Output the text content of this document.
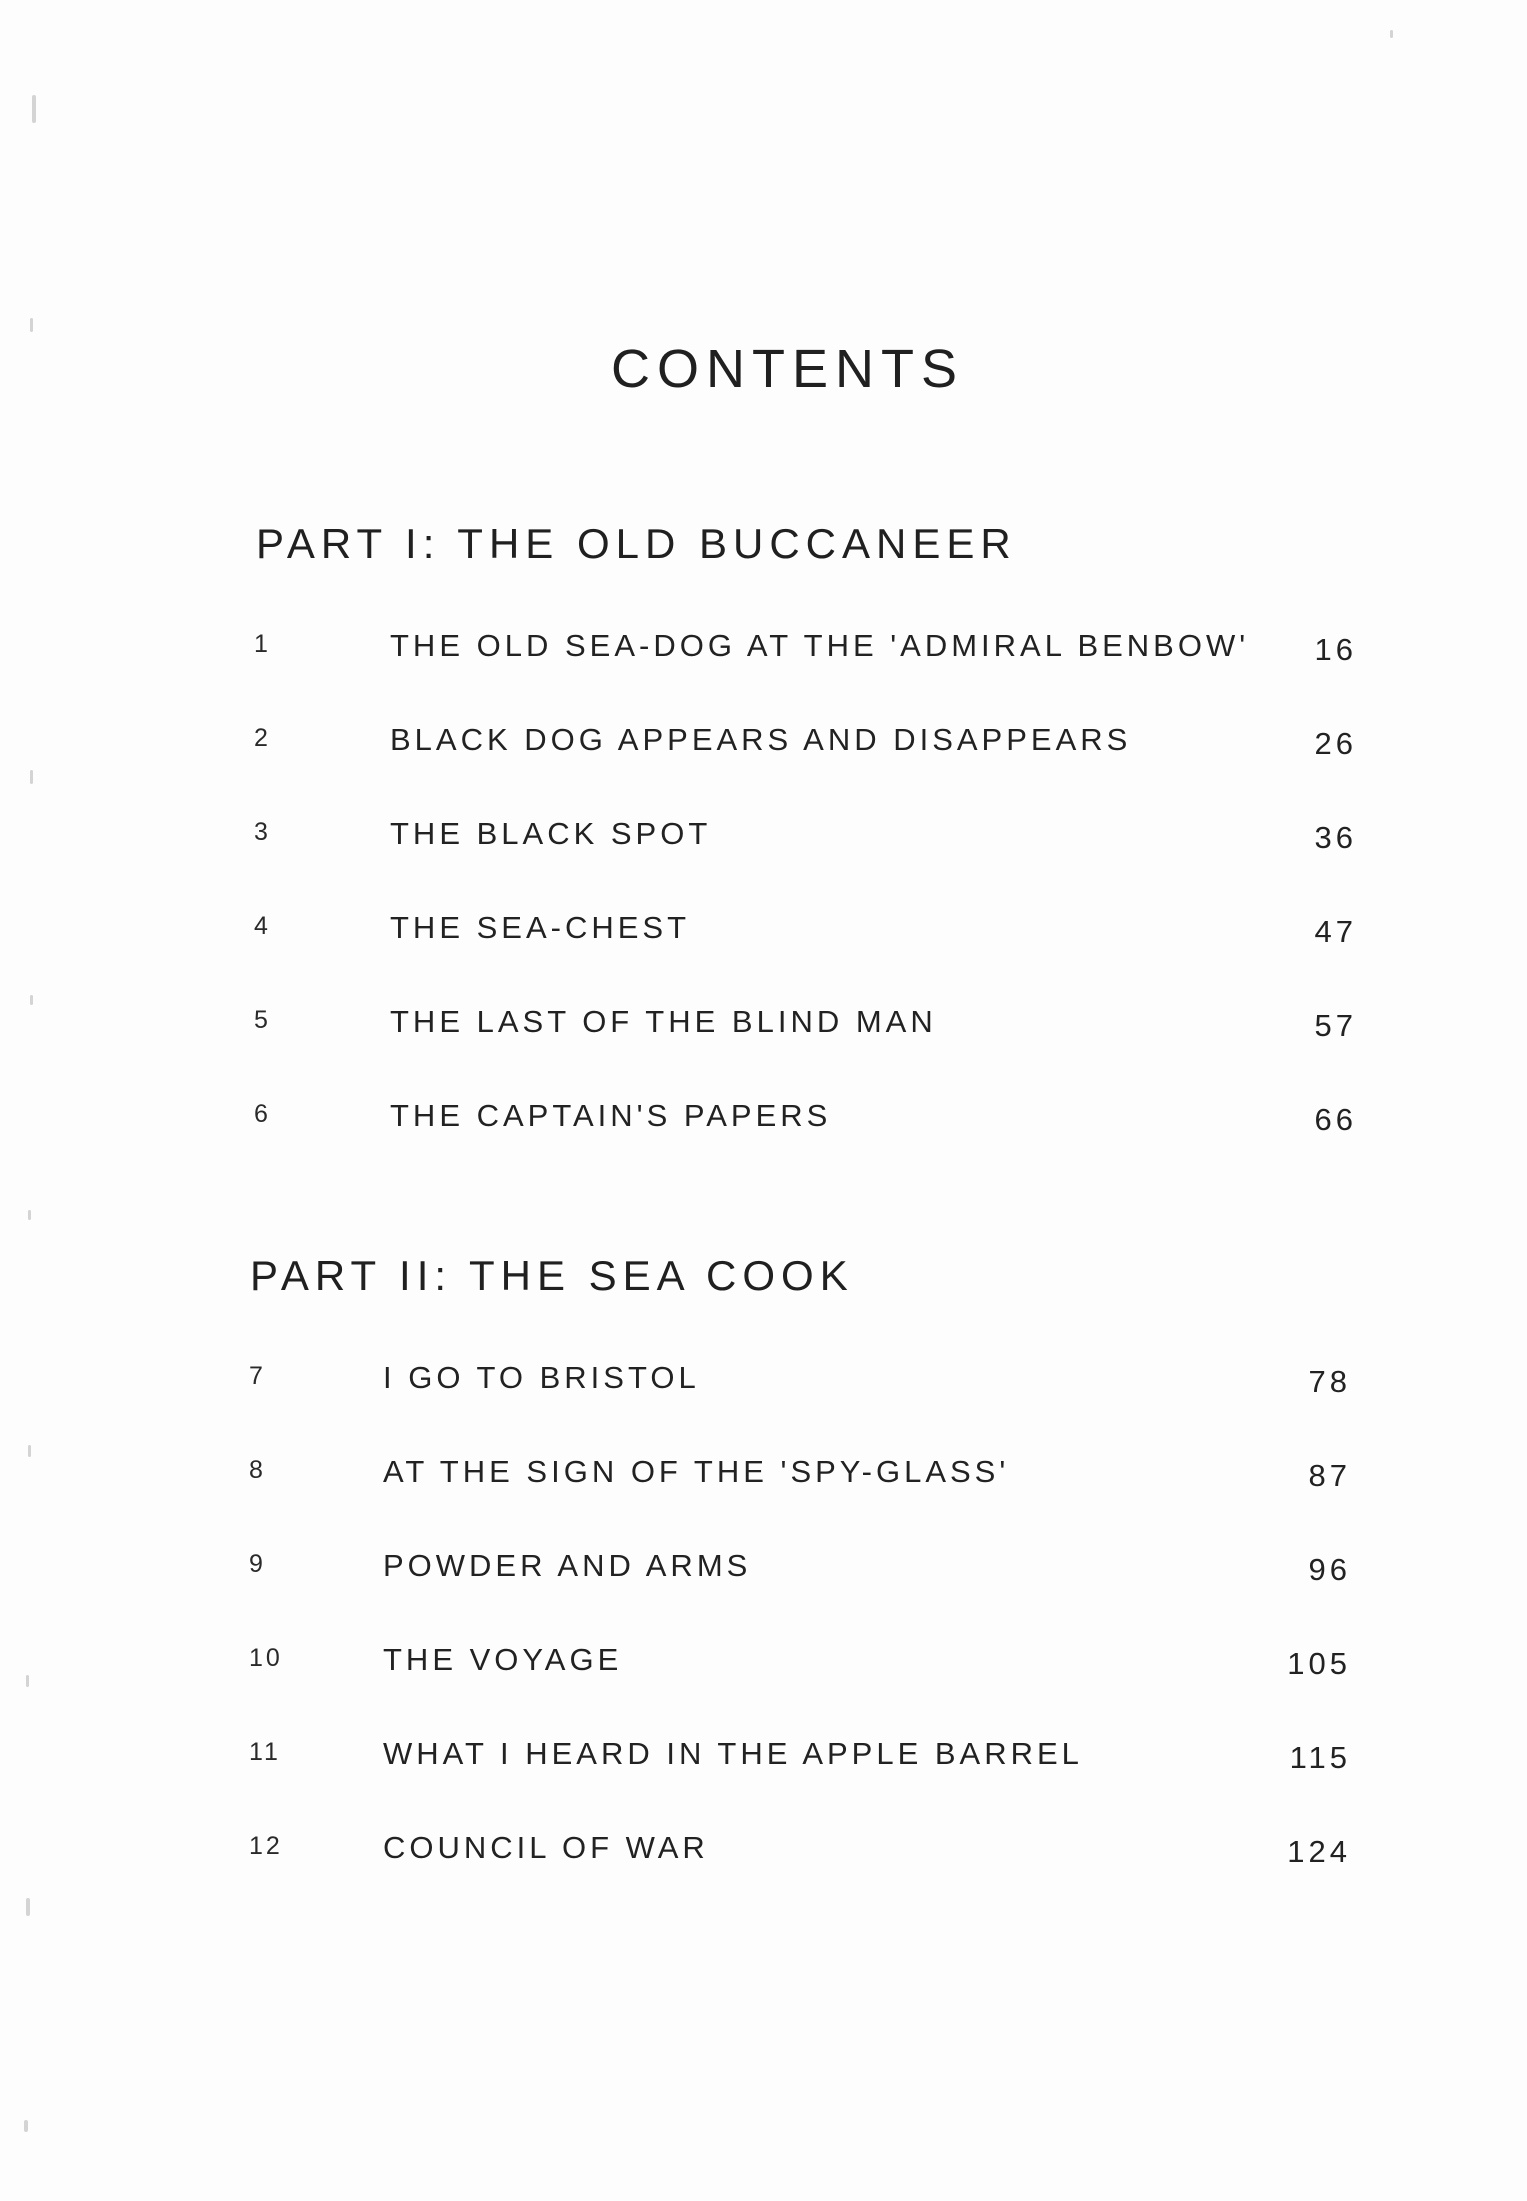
CONTENTS
PART I: THE OLD BUCCANEER
1	THE OLD SEA-DOG AT THE 'ADMIRAL BENBOW' 16
2	BLACK DOG APPEARS AND DISAPPEARS	26
3	THE BLACK SPOT	36
4	THE SEA-CHEST	47
5	THE LAST OF THE BLIND MAN	57
6	THE CAPTAIN'S PAPERS	66
PART II: THE SEA COOK
7	I GO TO BRISTOL	78
8	AT THE SIGN OF THE 'SPY-GLASS'	87
9	POWDER AND ARMS	96
10	THE VOYAGE	105
11	WHAT I HEARD IN THE APPLE BARREL	115
12	COUNCIL OF WAR	124
